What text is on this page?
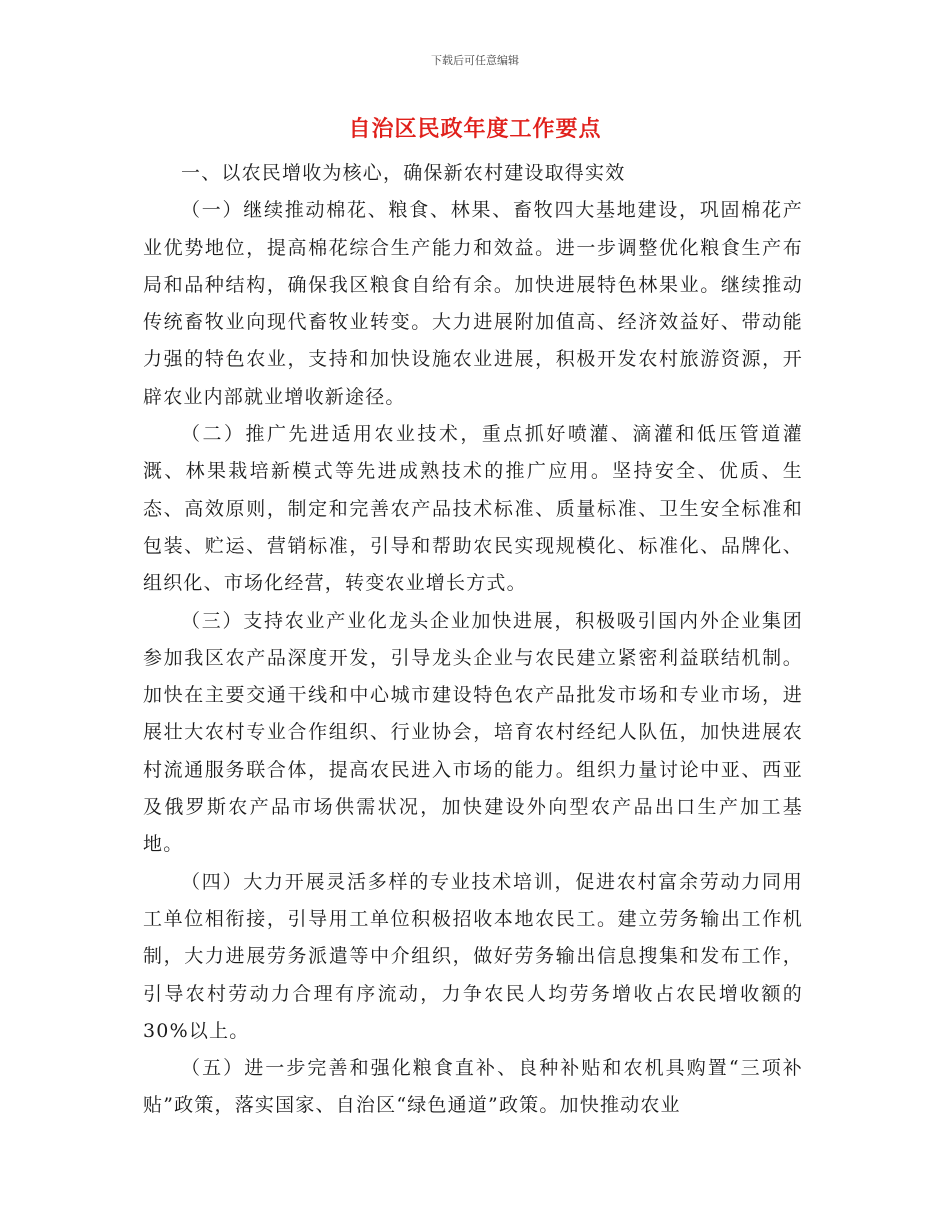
下载后可任意编辑
自治区民政年度工作要点

一、以农民增收为核心，确保新农村建设取得实效

（一）继续推动棉花、粮食、林果、畜牧四大基地建设，巩固棉花产业优势地位，提高棉花综合生产能力和效益。进一步调整优化粮食生产布局和品种结构，确保我区粮食自给有余。加快进展特色林果业。继续推动传统畜牧业向现代畜牧业转变。大力进展附加值高、经济效益好、带动能力强的特色农业，支持和加快设施农业进展，积极开发农村旅游资源，开辟农业内部就业增收新途径。

（二）推广先进适用农业技术，重点抓好喷灌、滴灌和低压管道灌溉、林果栽培新模式等先进成熟技术的推广应用。坚持安全、优质、生态、高效原则，制定和完善农产品技术标准、质量标准、卫生安全标准和包装、贮运、营销标准，引导和帮助农民实现规模化、标准化、品牌化、组织化、市场化经营，转变农业增长方式。

（三）支持农业产业化龙头企业加快进展，积极吸引国内外企业集团参加我区农产品深度开发，引导龙头企业与农民建立紧密利益联结机制。加快在主要交通干线和中心城市建设特色农产品批发市场和专业市场，进展壮大农村专业合作组织、行业协会，培育农村经纪人队伍，加快进展农村流通服务联合体，提高农民进入市场的能力。组织力量讨论中亚、西亚及俄罗斯农产品市场供需状况，加快建设外向型农产品出口生产加工基地。

（四）大力开展灵活多样的专业技术培训，促进农村富余劳动力同用工单位相衔接，引导用工单位积极招收本地农民工。建立劳务输出工作机制，大力进展劳务派遣等中介组织，做好劳务输出信息搜集和发布工作，引导农村劳动力合理有序流动，力争农民人均劳务增收占农民增收额的30%以上。

（五）进一步完善和强化粮食直补、良种补贴和农机具购置“三项补贴”政策，落实国家、自治区“绿色通道”政策。加快推动农业
